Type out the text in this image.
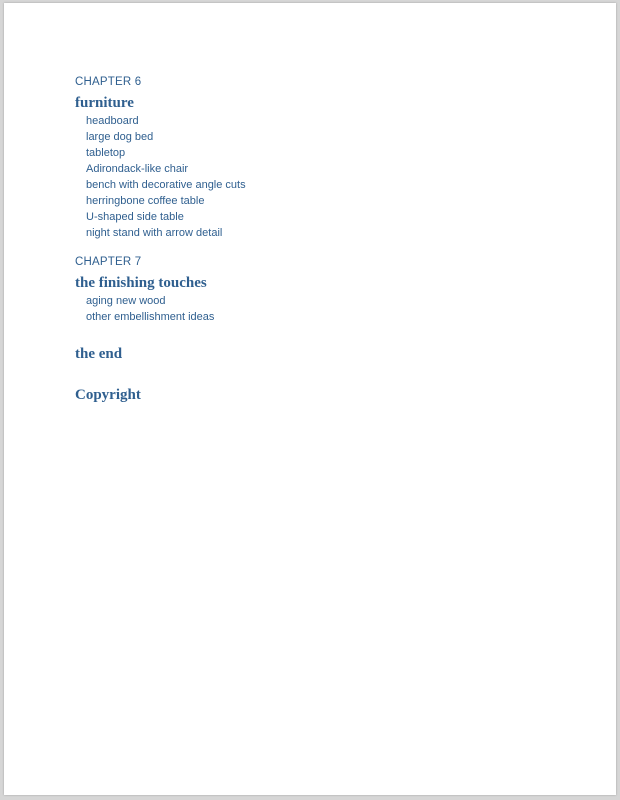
CHAPTER 6
furniture
headboard
large dog bed
tabletop
Adirondack-like chair
bench with decorative angle cuts
herringbone coffee table
U-shaped side table
night stand with arrow detail
CHAPTER 7
the finishing touches
aging new wood
other embellishment ideas
the end
Copyright
